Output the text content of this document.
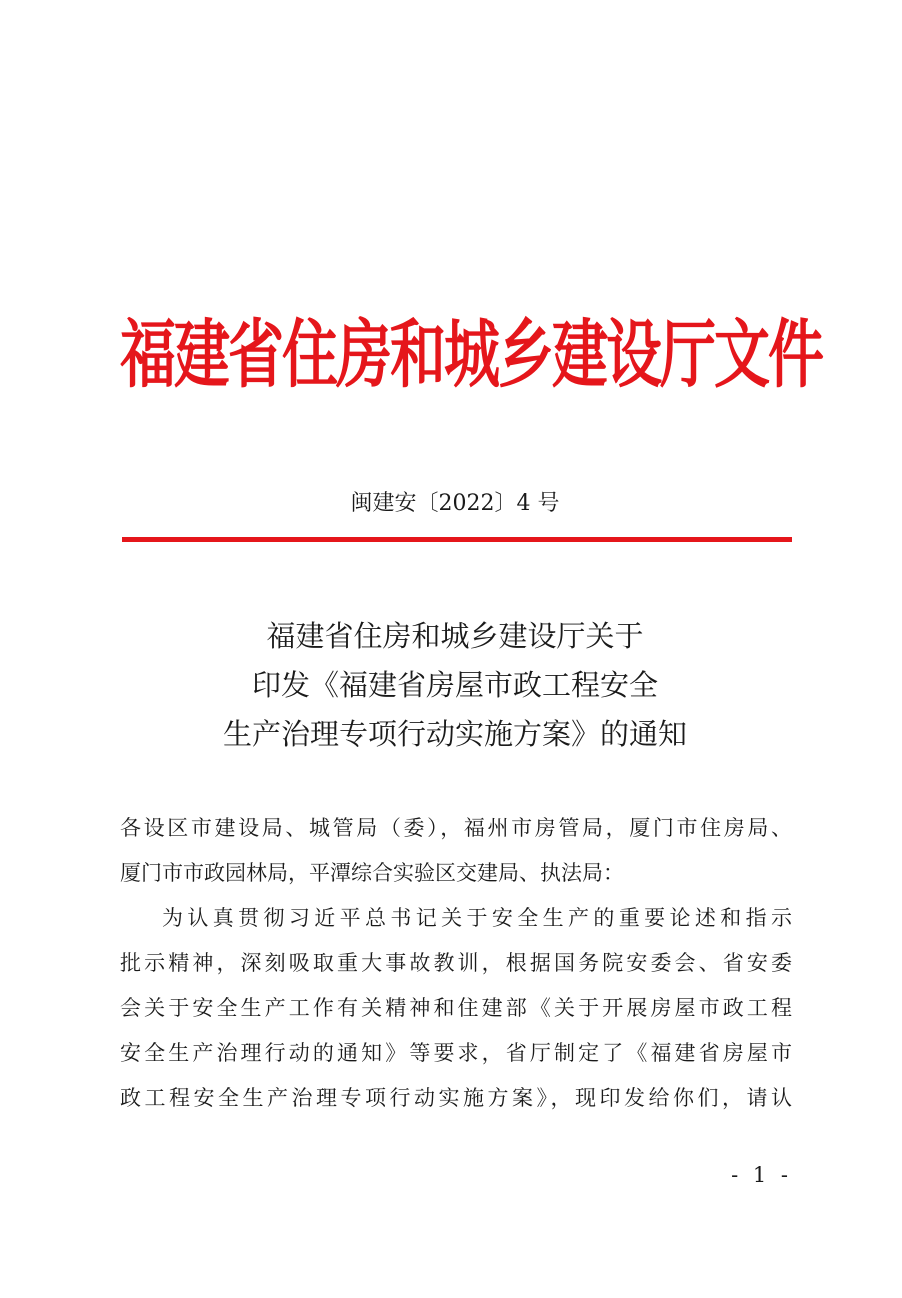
福建省住房和城乡建设厅文件
闽建安〔2022〕4 号
福建省住房和城乡建设厅关于
印发《福建省房屋市政工程安全
生产治理专项行动实施方案》的通知
各设区市建设局、城管局（委），福州市房管局，厦门市住房局、
厦门市市政园林局，平潭综合实验区交建局、执法局：
为认真贯彻习近平总书记关于安全生产的重要论述和指示
批示精神，深刻吸取重大事故教训，根据国务院安委会、省安委
会关于安全生产工作有关精神和住建部《关于开展房屋市政工程
安全生产治理行动的通知》等要求，省厅制定了《福建省房屋市
政工程安全生产治理专项行动实施方案》，现印发给你们，请认
- 1 -
